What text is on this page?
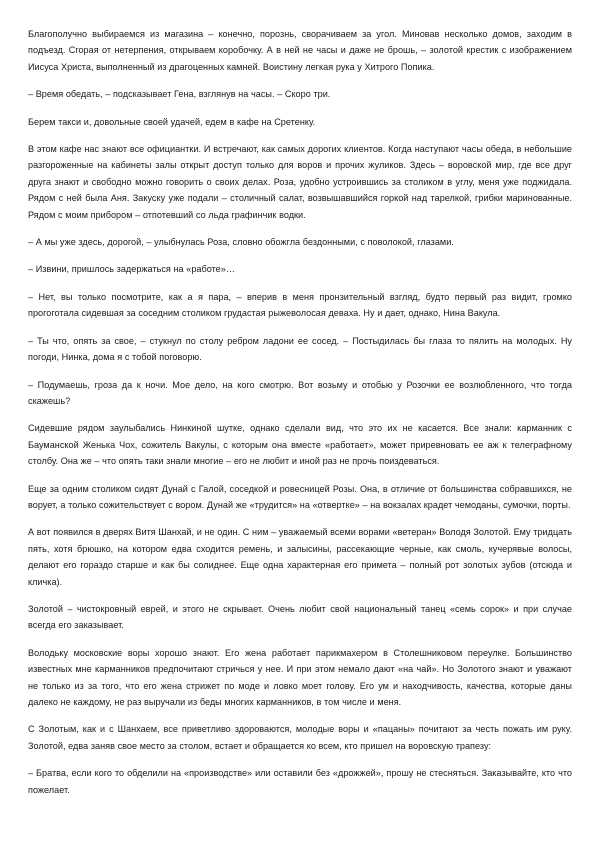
Благополучно выбираемся из магазина – конечно, порознь, сворачиваем за угол. Миновав несколько домов, заходим в подъезд. Сгорая от нетерпения, открываем коробочку. А в ней не часы и даже не брошь, – золотой крестик с изображением Иисуса Христа, выполненный из драгоценных камней. Воистину легкая рука у Хитрого Попика.

– Время обедать, – подсказывает Гена, взглянув на часы. – Скоро три.

Берем такси и, довольные своей удачей, едем в кафе на Сретенку.

В этом кафе нас знают все официантки. И встречают, как самых дорогих клиентов. Когда наступают часы обеда, в небольшие разгороженные на кабинеты залы открыт доступ только для воров и прочих жуликов. Здесь – воровской мир, где все друг друга знают и свободно можно говорить о своих делах. Роза, удобно устроившись за столиком в углу, меня уже поджидала. Рядом с ней была Аня. Закуску уже подали – столичный салат, возвышавшийся горкой над тарелкой, грибки маринованные. Рядом с моим прибором – отпотевший со льда графинчик водки.

– А мы уже здесь, дорогой, – улыбнулась Роза, словно обожгла бездонными, с поволокой, глазами.

– Извини, пришлось задержаться на «работе»…

– Нет, вы только посмотрите, как а я пара, – вперив в меня пронзительный взгляд, будто первый раз видит, громко прогоготала сидевшая за соседним столиком грудастая рыжеволосая деваха. Ну и дает, однако, Нина Вакула.

– Ты что, опять за свое, – стукнул по столу ребром ладони ее сосед. – Постыдилась бы глаза то пялить на молодых. Ну погоди, Нинка, дома я с тобой поговорю.

– Подумаешь, гроза да к ночи. Мое дело, на кого смотрю. Вот возьму и отобью у Розочки ее возлюбленного, что тогда скажешь?

Сидевшие рядом заулыбались Нинкиной шутке, однако сделали вид, что это их не касается. Все знали: карманник с Бауманской Женька Чох, сожитель Вакулы, с которым она вместе «работает», может приревновать ее аж к телеграфному столбу. Она же – что опять таки знали многие – его не любит и иной раз не прочь поиздеваться.

Еще за одним столиком сидят Дунай с Галой, соседкой и ровесницей Розы. Она, в отличие от большинства собравшихся, не ворует, а только сожительствует с вором. Дунай же «трудится» на «отвертке» – на вокзалах крадет чемоданы, сумочки, порты.

А вот появился в дверях Витя Шанхай, и не один. С ним – уважаемый всеми ворами «ветеран» Володя Золотой. Ему тридцать пять, хотя брюшко, на котором едва сходится ремень, и залысины, рассекающие черные, как смоль, кучерявые волосы, делают его гораздо старше и как бы солиднее. Еще одна характерная его примета – полный рот золотых зубов (отсюда и кличка).

Золотой – чистокровный еврей, и этого не скрывает. Очень любит свой национальный танец «семь сорок» и при случае всегда его заказывает.

Володьку московские воры хорошо знают. Его жена работает парикмахером в Столешниковом переулке. Большинство известных мне карманников предпочитают стричься у нее. И при этом немало дают «на чай». Но Золотого знают и уважают не только из за того, что его жена стрижет по моде и ловко моет голову. Его ум и находчивость, качества, которые даны далеко не каждому, не раз выручали из беды многих карманников, в том числе и меня.

С Золотым, как и с Шанхаем, все приветливо здороваются, молодые воры и «пацаны» почитают за честь пожать им руку. Золотой, едва заняв свое место за столом, встает и обращается ко всем, кто пришел на воровскую трапезу:

– Братва, если кого то обделили на «производстве» или оставили без «дрожжей», прошу не стесняться. Заказывайте, кто что пожелает.
